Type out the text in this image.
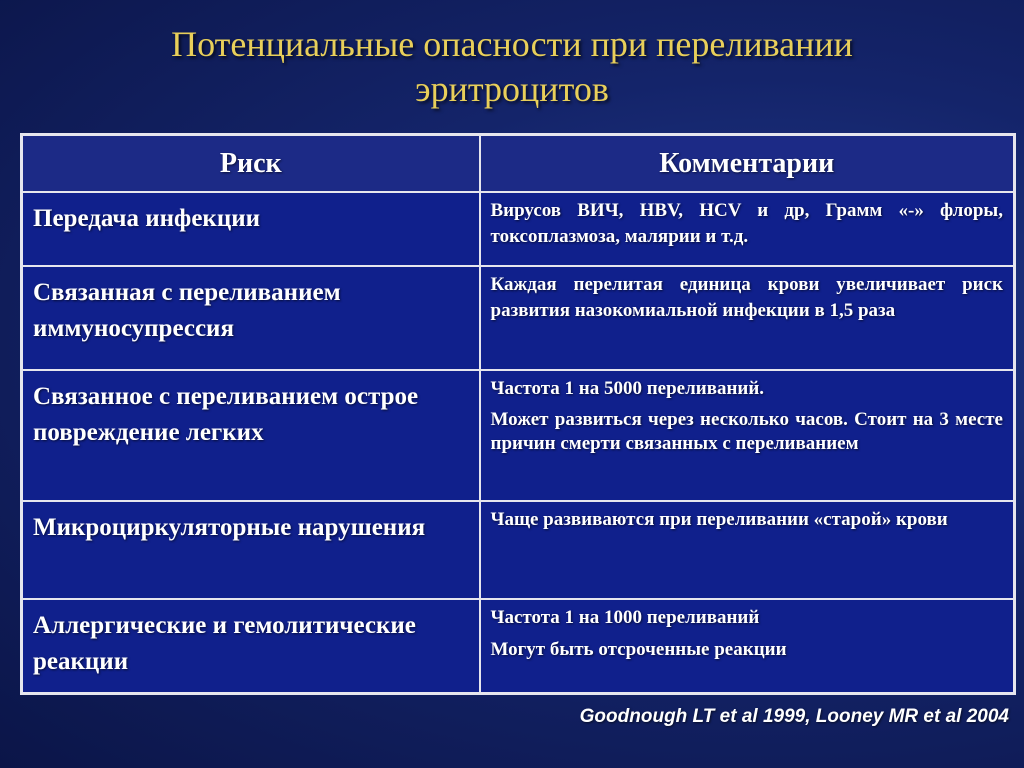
Потенциальные опасности при переливании
эритроцитов
Риск	Комментарии
Передача инфекции	Вирусов ВИЧ, HBV, HCV и др, Грамм «-» флоры, токсоплазмоза, малярии и т.д.

Связанная с переливанием иммуносупрессия	Каждая перелитая единица крови увеличивает риск развития назокомиальной инфекции в 1,5 раза

Связанное с переливанием острое повреждение легких	Частота 1 на 5000 переливаний.

Может развиться через несколько часов. Стоит на 3 месте причин смерти связанных с переливанием

Микроциркуляторные нарушения	Чаще развиваются при переливании «старой» крови

Аллергические и гемолитические реакции	Частота 1 на 1000 переливаний

Могут быть отсроченные реакции

Goodnough LT et al 1999, Looney MR et al 2004
